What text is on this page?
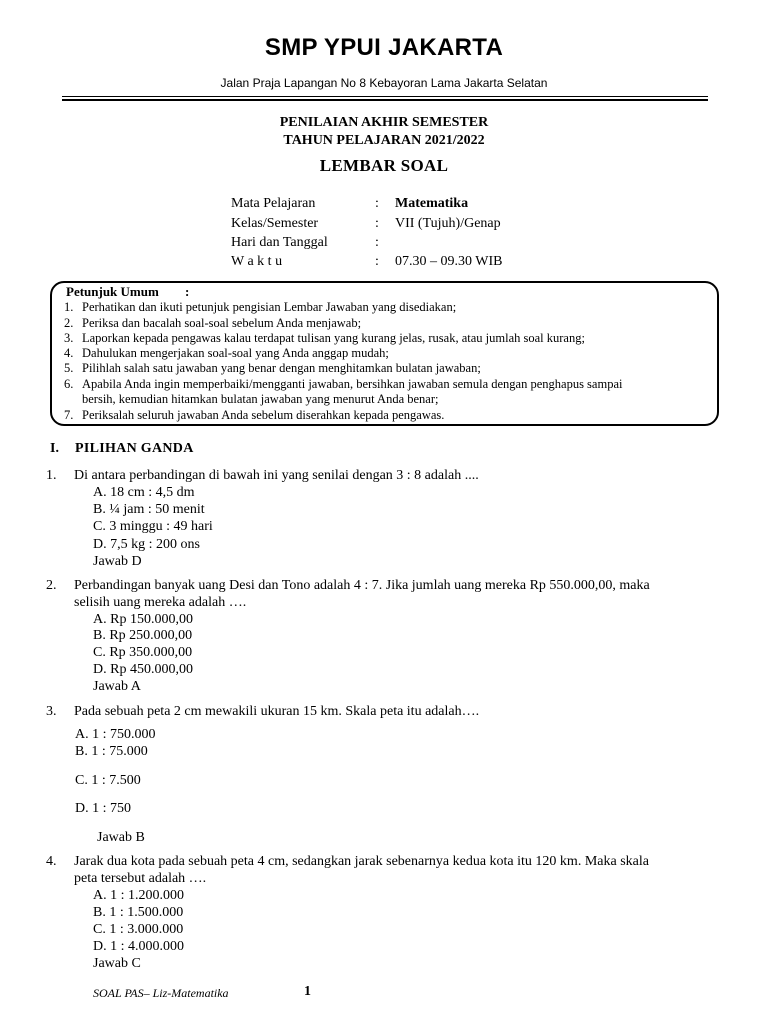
SMP YPUI JAKARTA
Jalan Praja Lapangan No 8 Kebayoran Lama Jakarta Selatan
PENILAIAN AKHIR SEMESTER
TAHUN PELAJARAN 2021/2022
LEMBAR SOAL
Mata Pelajaran	: Matematika
Kelas/Semester	: VII (Tujuh)/Genap
Hari dan Tanggal	:
W a k t u	: 07.30 – 09.30 WIB
Petunjuk Umum :
1. Perhatikan dan ikuti petunjuk pengisian Lembar Jawaban yang disediakan;
2. Periksa dan bacalah soal-soal sebelum Anda menjawab;
3. Laporkan kepada pengawas kalau terdapat tulisan yang kurang jelas, rusak, atau jumlah soal kurang;
4. Dahulukan mengerjakan soal-soal yang Anda anggap mudah;
5. Pilihlah salah satu jawaban yang benar dengan menghitamkan bulatan jawaban;
6. Apabila Anda ingin memperbaiki/mengganti jawaban, bersihkan jawaban semula dengan penghapus sampai
bersih, kemudian hitamkan bulatan jawaban yang menurut Anda benar;
7. Periksalah seluruh jawaban Anda sebelum diserahkan kepada pengawas.
I. PILIHAN GANDA
1. Di antara perbandingan di bawah ini yang senilai dengan 3 : 8 adalah ....
A. 18 cm : 4,5 dm
B. ¼ jam : 50 menit
C. 3 minggu : 49 hari
D. 7,5 kg : 200 ons
Jawab D
2. Perbandingan banyak uang Desi dan Tono adalah 4 : 7. Jika jumlah uang mereka Rp 550.000,00, maka
selisih uang mereka adalah ….
A. Rp 150.000,00
B. Rp 250.000,00
C. Rp 350.000,00
D. Rp 450.000,00
Jawab A
3. Pada sebuah peta 2 cm mewakili ukuran 15 km. Skala peta itu adalah….
A. 1 : 750.000
B. 1 : 75.000
C. 1 : 7.500
D. 1 : 750
Jawab B
4. Jarak dua kota pada sebuah peta 4 cm, sedangkan jarak sebenarnya kedua kota itu 120 km. Maka skala
peta tersebut adalah ….
A. 1 : 1.200.000
B. 1 : 1.500.000
C. 1 : 3.000.000
D. 1 : 4.000.000
Jawab C
SOAL PAS– Liz-Matematika	1
